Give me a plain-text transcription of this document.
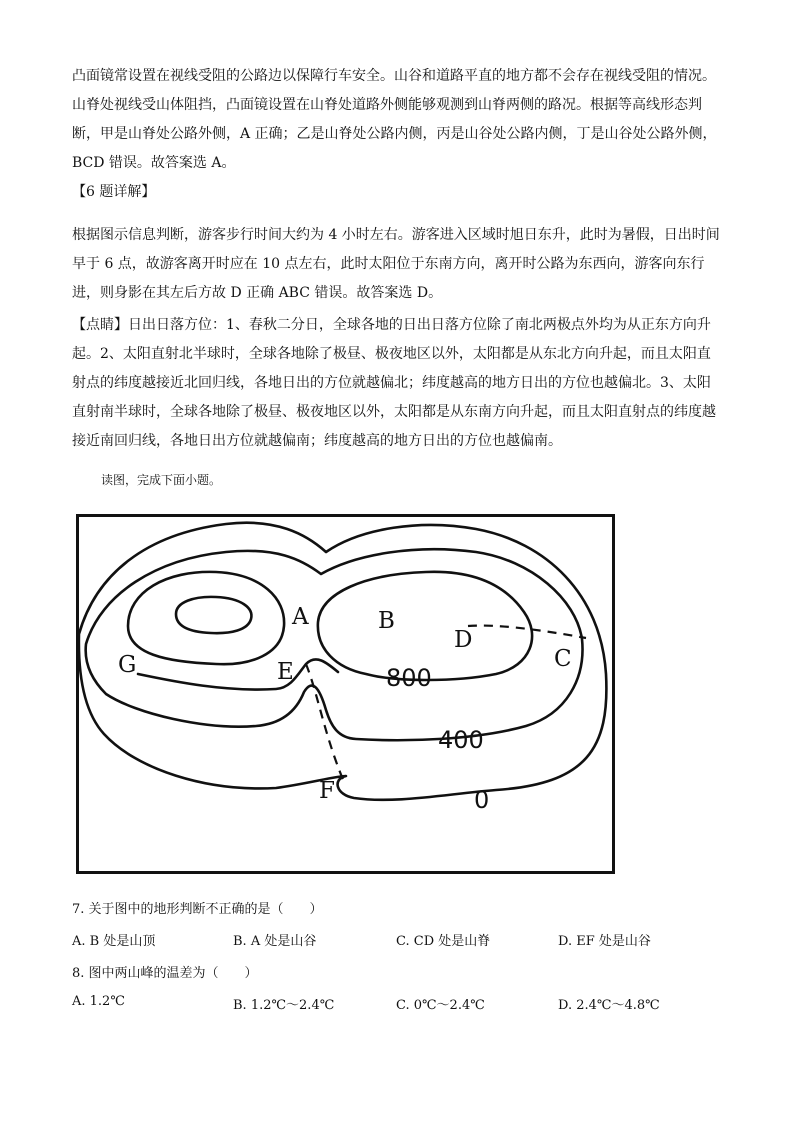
凸面镜常设置在视线受阻的公路边以保障行车安全。山谷和道路平直的地方都不会存在视线受阻的情况。
山脊处视线受山体阻挡，凸面镜设置在山脊处道路外侧能够观测到山脊两侧的路况。根据等高线形态判
断，甲是山脊处公路外侧，A 正确；乙是山脊处公路内侧，丙是山谷处公路内侧，丁是山谷处公路外侧，
BCD 错误。故答案选 A。
【6 题详解】
根据图示信息判断，游客步行时间大约为 4 小时左右。游客进入区域时旭日东升，此时为暑假，日出时间
早于 6 点，故游客离开时应在 10 点左右，此时太阳位于东南方向，离开时公路为东西向，游客向东行
进，则身影在其左后方故 D 正确 ABC 错误。故答案选 D。
【点睛】日出日落方位：1、春秋二分日，全球各地的日出日落方位除了南北两极点外均为从正东方向升
起。2、太阳直射北半球时，全球各地除了极昼、极夜地区以外，太阳都是从东北方向升起，而且太阳直
射点的纬度越接近北回归线，各地日出的方位就越偏北；纬度越高的地方日出的方位也越偏北。3、太阳
直射南半球时，全球各地除了极昼、极夜地区以外，太阳都是从东南方向升起，而且太阳直射点的纬度越
接近南回归线，各地日出方位就越偏南；纬度越高的地方日出的方位也越偏南。
读图，完成下面小题。
A	B
C
D
E
F
G	800
400
0
7. 关于图中的地形判断不正确的是（　　）
A. B 处是山顶	B. A 处是山谷	C. CD 处是山脊	D. EF 处是山谷
8. 图中两山峰的温差为（　　）
A. 1.2℃	B. 1.2℃～2.4℃	C. 0℃～2.4℃	D. 2.4℃～4.8℃
